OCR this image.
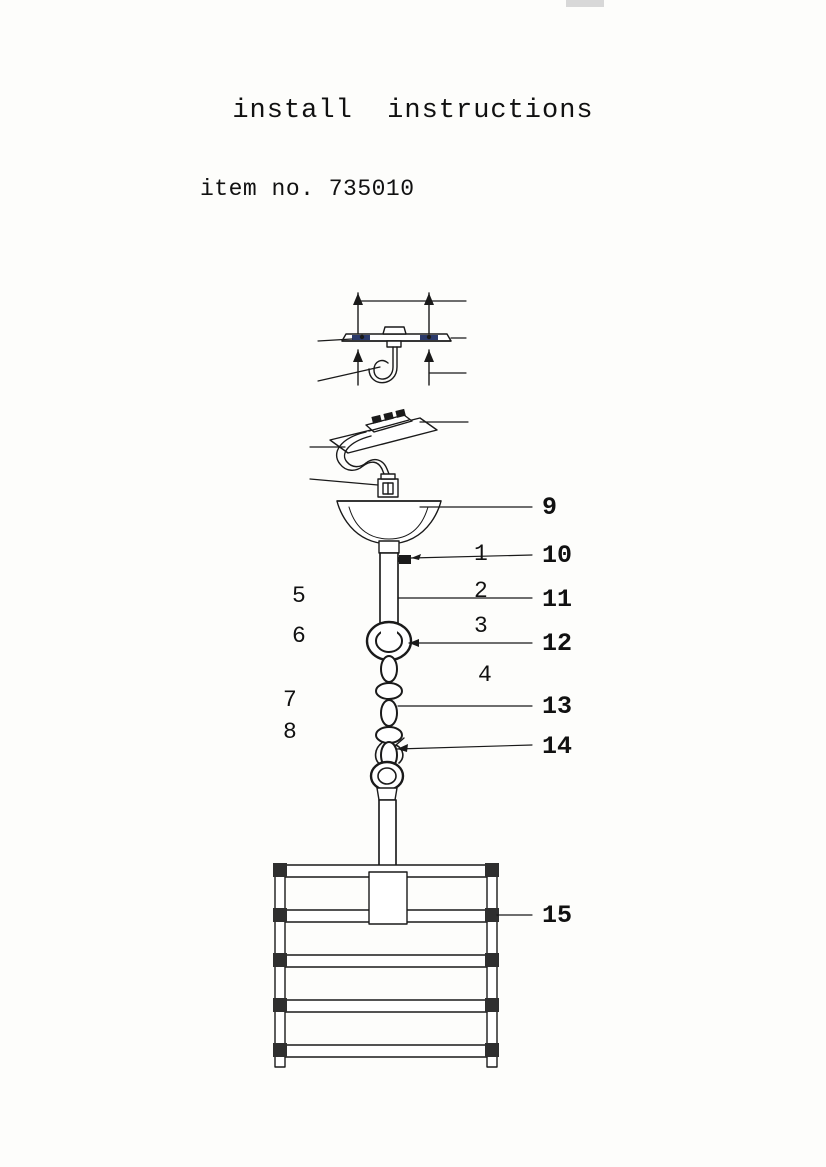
install  instructions
item no. 735010
1
2
3
4
5
6
7
8
9
10
11
12
13
14
15
